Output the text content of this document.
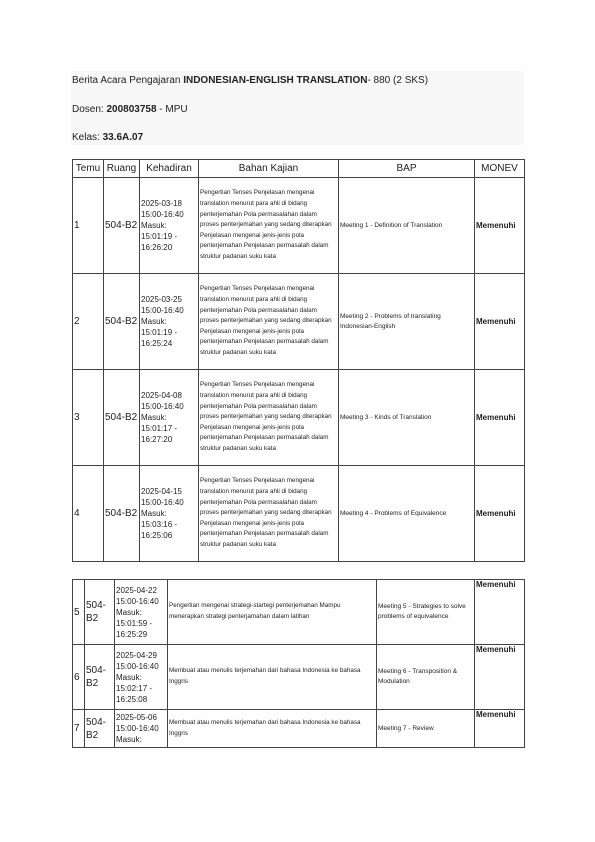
Berita Acara Pengajaran INDONESIAN-ENGLISH TRANSLATION- 880 (2 SKS)
Dosen: 200803758 - MPU
Kelas: 33.6A.07
Temu	Ruang	Kehadiran	Bahan Kajian	BAP	MONEV
1	504-B2	2025-03-18 15:00-16:40 Masuk: 15:01:19 - 16:26:20	Pengertian Tenses Penjelasan mengenai translation menurut para ahli di bidang penterjemahan Pola permasalahan dalam proses penterjemahan yang sedang diterapkan Penjelasan mengenai jenis-jenis pola penterjemahan Penjelasan permasalah dalam struktur padanan suku kata	Meeting 1 - Definition of Translation	Memenuhi
2	504-B2	2025-03-25 15:00-16:40 Masuk: 15:01:19 - 16:25:24	Pengertian Tenses Penjelasan mengenai translation menurut para ahli di bidang penterjemahan Pola permasalahan dalam proses penterjemahan yang sedang diterapkan Penjelasan mengenai jenis-jenis pola penterjemahan Penjelasan permasalah dalam struktur padanan suku kata	Meeting 2 - Problems of translating Indonesian-English	Memenuhi
3	504-B2	2025-04-08 15:00-16:40 Masuk: 15:01:17 - 16:27:20	Pengertian Tenses Penjelasan mengenai translation menurut para ahli di bidang penterjemahan Pola permasalahan dalam proses penterjemahan yang sedang diterapkan Penjelasan mengenai jenis-jenis pola penterjemahan Penjelasan permasalah dalam struktur padanan suku kata	Meeting 3 - Kinds of Translation	Memenuhi
4	504-B2	2025-04-15 15:00-16:40 Masuk: 15:03:16 - 16:25:06	Pengertian Tenses Penjelasan mengenai translation menurut para ahli di bidang penterjemahan Pola permasalahan dalam proses penterjemahan yang sedang diterapkan Penjelasan mengenai jenis-jenis pola penterjemahan Penjelasan permasalah dalam struktur padanan suku kata	Meeting 4 - Problems of Equivalence	Memenuhi
5	504-B2	2025-04-22 15:00-16:40 Masuk: 15:01:59 - 16:25:29	Pengertian mengenai strategi-startegi penterjemahan Mampu menerapkan strategi penterjamahan dalam latihan	Meeting 5 - Strategies to solve problems of equivalence	Memenuhi
6	504-B2	2025-04-29 15:00-16:40 Masuk: 15:02:17 - 16:25:08	Membuat atau menulis terjemahan dari bahasa Indonesia ke bahasa Inggris	Meeting 6 - Transposition & Modulation	Memenuhi
7	504-B2	2025-05-06 15:00-16:40 Masuk:	Membuat atau menulis terjemahan dari bahasa Indonesia ke bahasa Inggris	Meeting 7 - Review	Memenuhi
